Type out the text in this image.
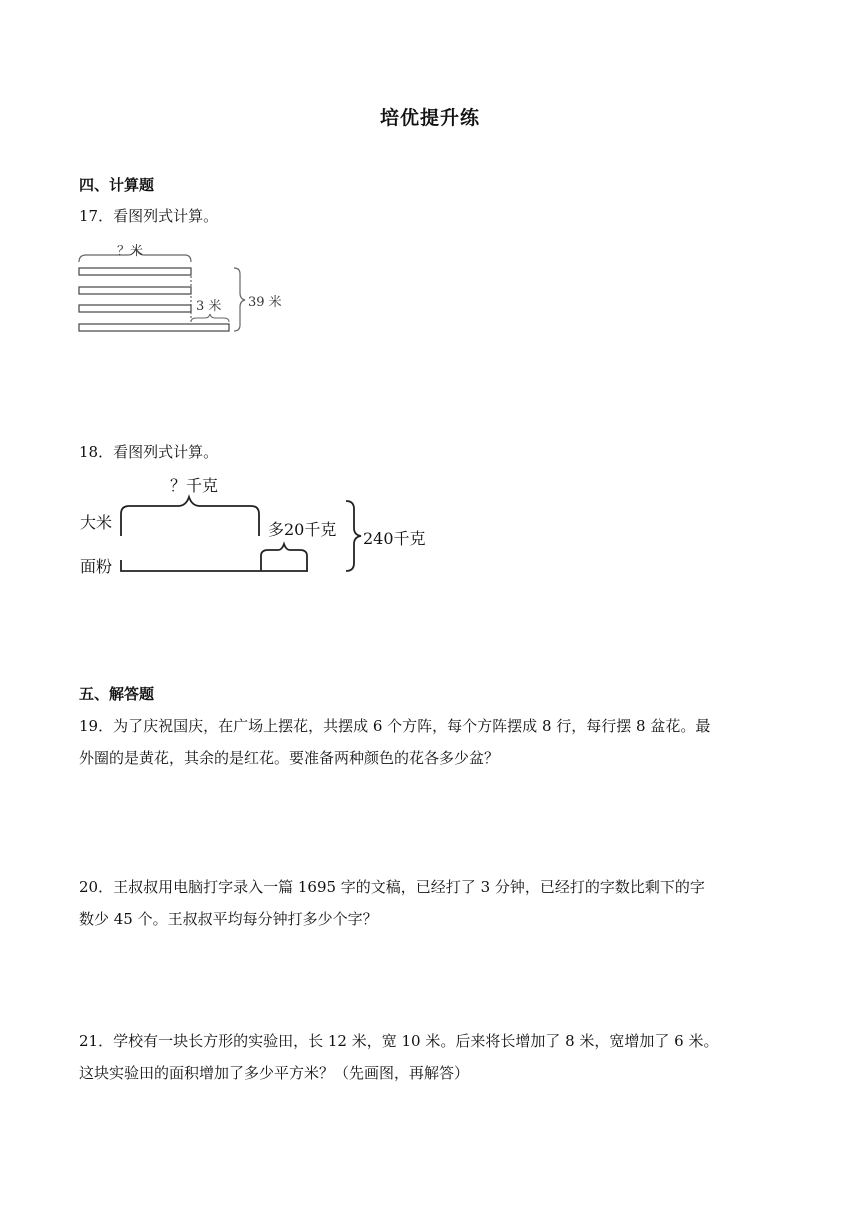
培优提升练
四、计算题
17．看图列式计算。
？米
3 米 39 米
18．看图列式计算。
？千克
大米
面粉
多20千克 240千克
五、解答题
19．为了庆祝国庆，在广场上摆花，共摆成 6 个方阵，每个方阵摆成 8 行，每行摆 8 盆花。最
外圈的是黄花，其余的是红花。要准备两种颜色的花各多少盆？
20．王叔叔用电脑打字录入一篇 1695 字的文稿，已经打了 3 分钟，已经打的字数比剩下的字
数少 45 个。王叔叔平均每分钟打多少个字？
21．学校有一块长方形的实验田，长 12 米，宽 10 米。后来将长增加了 8 米，宽增加了 6 米。
这块实验田的面积增加了多少平方米？（先画图，再解答）
